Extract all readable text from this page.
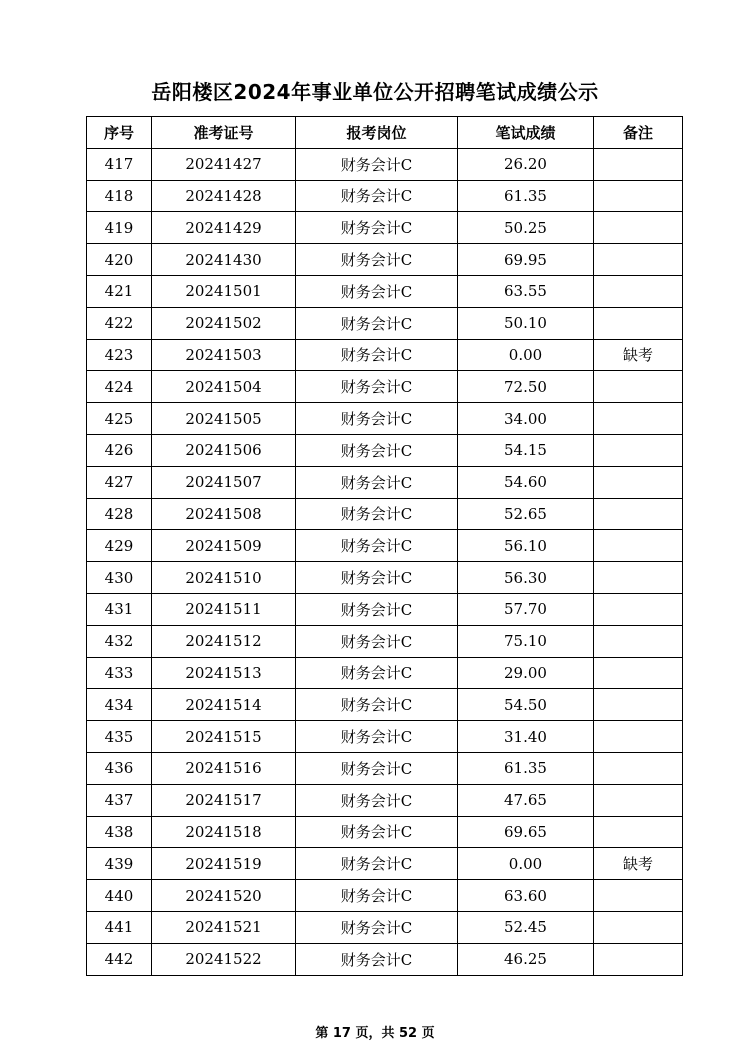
岳阳楼区2024年事业单位公开招聘笔试成绩公示
序号	准考证号	报考岗位	笔试成绩	备注
417	20241427	财务会计C	26.20	
418	20241428	财务会计C	61.35	
419	20241429	财务会计C	50.25	
420	20241430	财务会计C	69.95	
421	20241501	财务会计C	63.55	
422	20241502	财务会计C	50.10	
423	20241503	财务会计C	0.00	缺考
424	20241504	财务会计C	72.50	
425	20241505	财务会计C	34.00	
426	20241506	财务会计C	54.15	
427	20241507	财务会计C	54.60	
428	20241508	财务会计C	52.65	
429	20241509	财务会计C	56.10	
430	20241510	财务会计C	56.30	
431	20241511	财务会计C	57.70	
432	20241512	财务会计C	75.10	
433	20241513	财务会计C	29.00	
434	20241514	财务会计C	54.50	
435	20241515	财务会计C	31.40	
436	20241516	财务会计C	61.35	
437	20241517	财务会计C	47.65	
438	20241518	财务会计C	69.65	
439	20241519	财务会计C	0.00	缺考
440	20241520	财务会计C	63.60	
441	20241521	财务会计C	52.45	
442	20241522	财务会计C	46.25	
第 17 页，共 52 页
